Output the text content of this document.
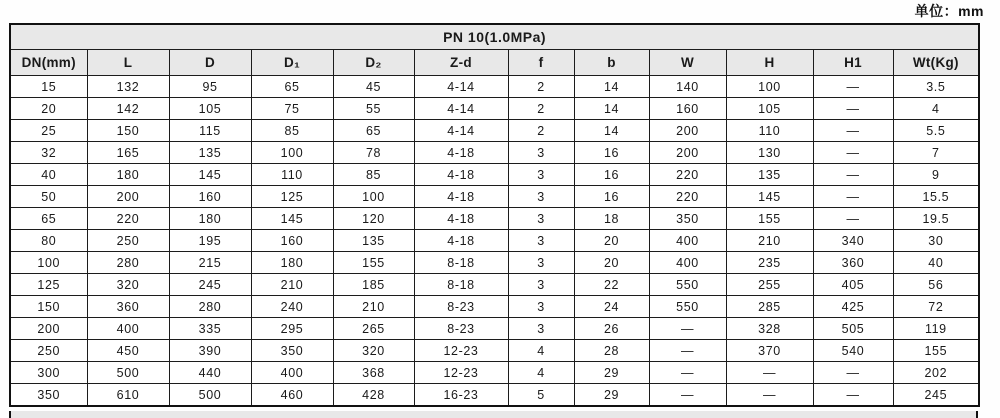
单位：mm
PN 10(1.0MPa)											
DN(mm)	L	D	D₁	D₂	Z-d	f	b	W	H	H1	Wt(Kg)
15	132	95	65	45	4-14	2	14	140	100	—	3.5
20	142	105	75	55	4-14	2	14	160	105	—	4
25	150	115	85	65	4-14	2	14	200	110	—	5.5
32	165	135	100	78	4-18	3	16	200	130	—	7
40	180	145	110	85	4-18	3	16	220	135	—	9
50	200	160	125	100	4-18	3	16	220	145	—	15.5
65	220	180	145	120	4-18	3	18	350	155	—	19.5
80	250	195	160	135	4-18	3	20	400	210	340	30
100	280	215	180	155	8-18	3	20	400	235	360	40
125	320	245	210	185	8-18	3	22	550	255	405	56
150	360	280	240	210	8-23	3	24	550	285	425	72
200	400	335	295	265	8-23	3	26	—	328	505	119
250	450	390	350	320	12-23	4	28	—	370	540	155
300	500	440	400	368	12-23	4	29	—	—	—	202
350	610	500	460	428	16-23	5	29	—	—	—	245
